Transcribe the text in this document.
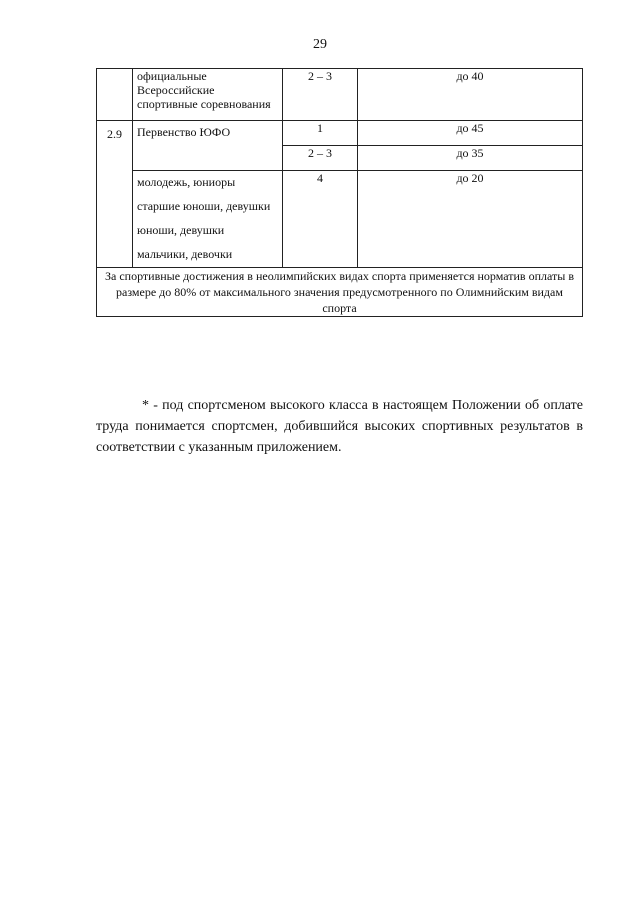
29

	официальные
Всероссийские
спортивные соревнования	2 – 3	до 40
2.9	Первенство ЮФО	1	до 45
		2 – 3	до 35

	молодежь, юниоры
старшие юноши, девушки
юноши, девушки
мальчики, девочки	4	до 20
За спортивные достижения в неолимпийских видах спорта применяется норматив оплаты в размере до 80% от максимального значения предусмотренного по Олимнийским видам спорта			

* - под спортсменом высокого класса в настоящем Положении об оплате труда понимается спортсмен, добившийся высоких спортивных результатов в соответствии с указанным приложением.
